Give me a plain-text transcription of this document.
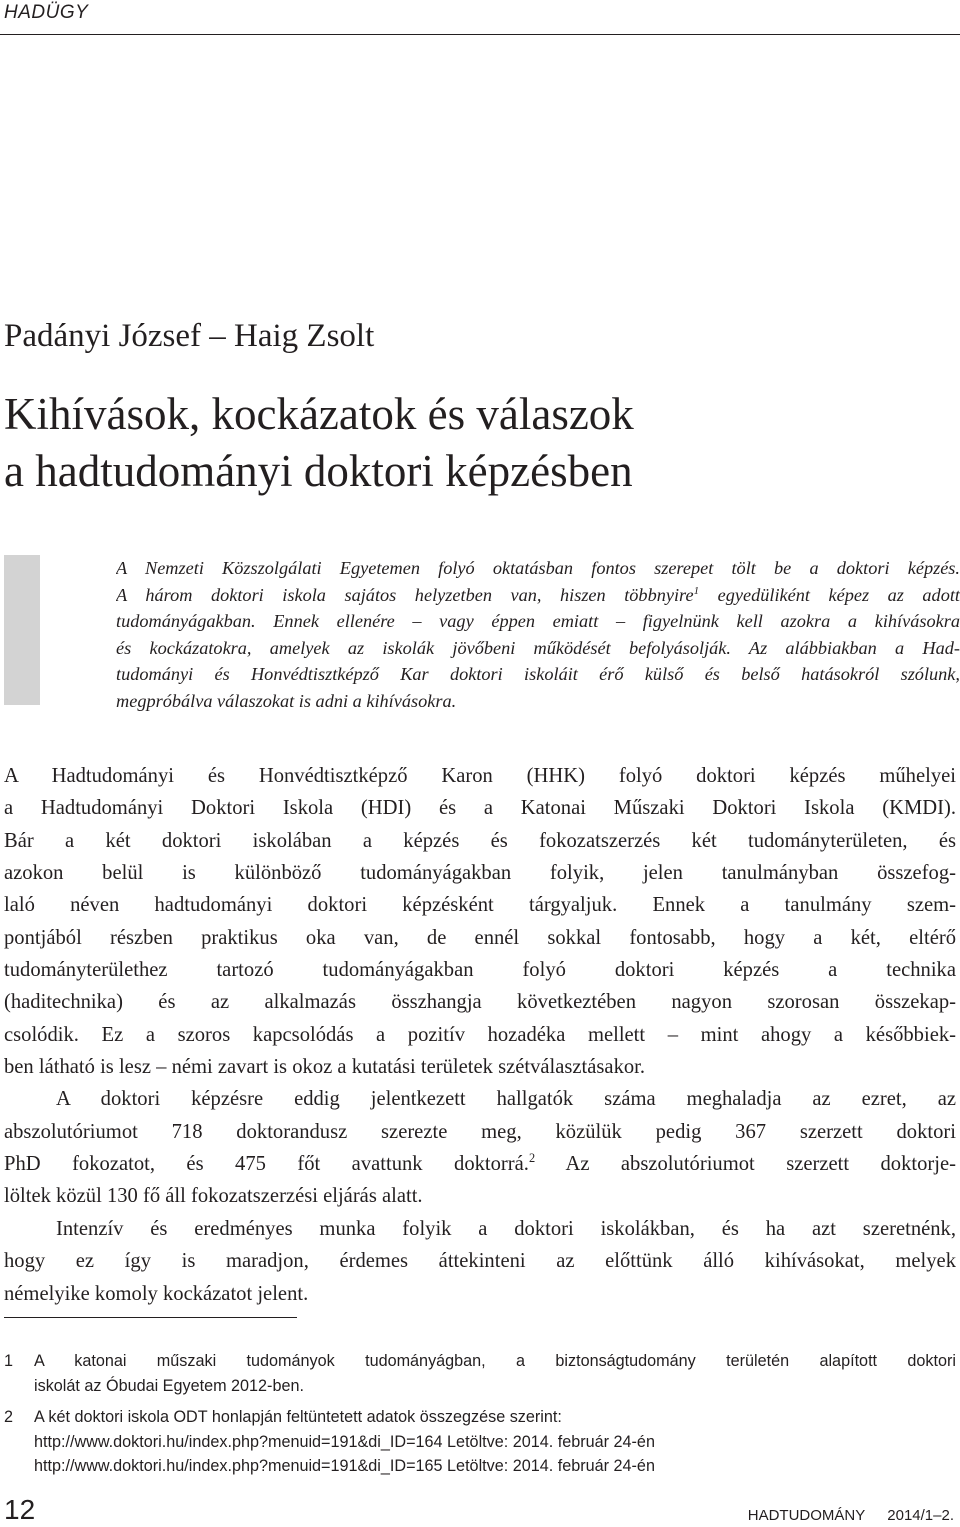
HADÜGY
Padányi József – Haig Zsolt
Kihívások, kockázatok és válaszok
a hadtudományi doktori képzésben
A Nemzeti Közszolgálati Egyetemen folyó oktatásban fontos szerepet tölt be a doktori képzés.
A három doktori iskola sajátos helyzetben van, hiszen többnyire$^1$ egyedüliként képez az adott
tudományágakban. Ennek ellenére – vagy éppen emiatt – figyelnünk kell azokra a kihívásokra
és kockázatokra, amelyek az iskolák jövőbeni működését befolyásolják. Az alábbiakban a Had-
tudományi és Honvédtisztképző Kar doktori iskoláit érő külső és belső hatásokról szólunk,
megpróbálva válaszokat is adni a kihívásokra.
A Hadtudományi és Honvédtisztképző Karon (HHK) folyó doktori képzés műhelyei
a Hadtudományi Doktori Iskola (HDI) és a Katonai Műszaki Doktori Iskola (KMDI).
Bár a két doktori iskolában a képzés és fokozatszerzés két tudományterületen, és
azokon belül is különböző tudományágakban folyik, jelen tanulmányban összefog-
laló néven hadtudományi doktori képzésként tárgyaljuk. Ennek a tanulmány szem-
pontjából részben praktikus oka van, de ennél sokkal fontosabb, hogy a két, eltérő
tudományterülethez tartozó tudományágakban folyó doktori képzés a technika
(haditechnika) és az alkalmazás összhangja következtében nagyon szorosan összekap-
csolódik. Ez a szoros kapcsolódás a pozitív hozadéka mellett – mint ahogy a későbbiek-
ben látható is lesz – némi zavart is okoz a kutatási területek szétválasztásakor.
A doktori képzésre eddig jelentkezett hallgatók száma meghaladja az ezret, az
abszolutóriumot 718 doktorandusz szerezte meg, közülük pedig 367 szerzett doktori
PhD fokozatot, és 475 főt avattunk doktorrá.$^2$ Az abszolutóriumot szerzett doktorje-
löltek közül 130 fő áll fokozatszerzési eljárás alatt.
Intenzív és eredményes munka folyik a doktori iskolákban, és ha azt szeretnénk,
hogy ez így is maradjon, érdemes áttekinteni az előttünk álló kihívásokat, melyek
némelyike komoly kockázatot jelent.
1 A katonai műszaki tudományok tudományágban, a biztonságtudomány területén alapított doktori
iskolát az Óbudai Egyetem 2012-ben.
2 A két doktori iskola ODT honlapján feltüntetett adatok összegzése szerint:
http://www.doktori.hu/index.php?menuid=191&di_ID=164 Letöltve: 2014. február 24-én
http://www.doktori.hu/index.php?menuid=191&di_ID=165 Letöltve: 2014. február 24-én
12	HADTUDOMÁNY 2014/1–2.
